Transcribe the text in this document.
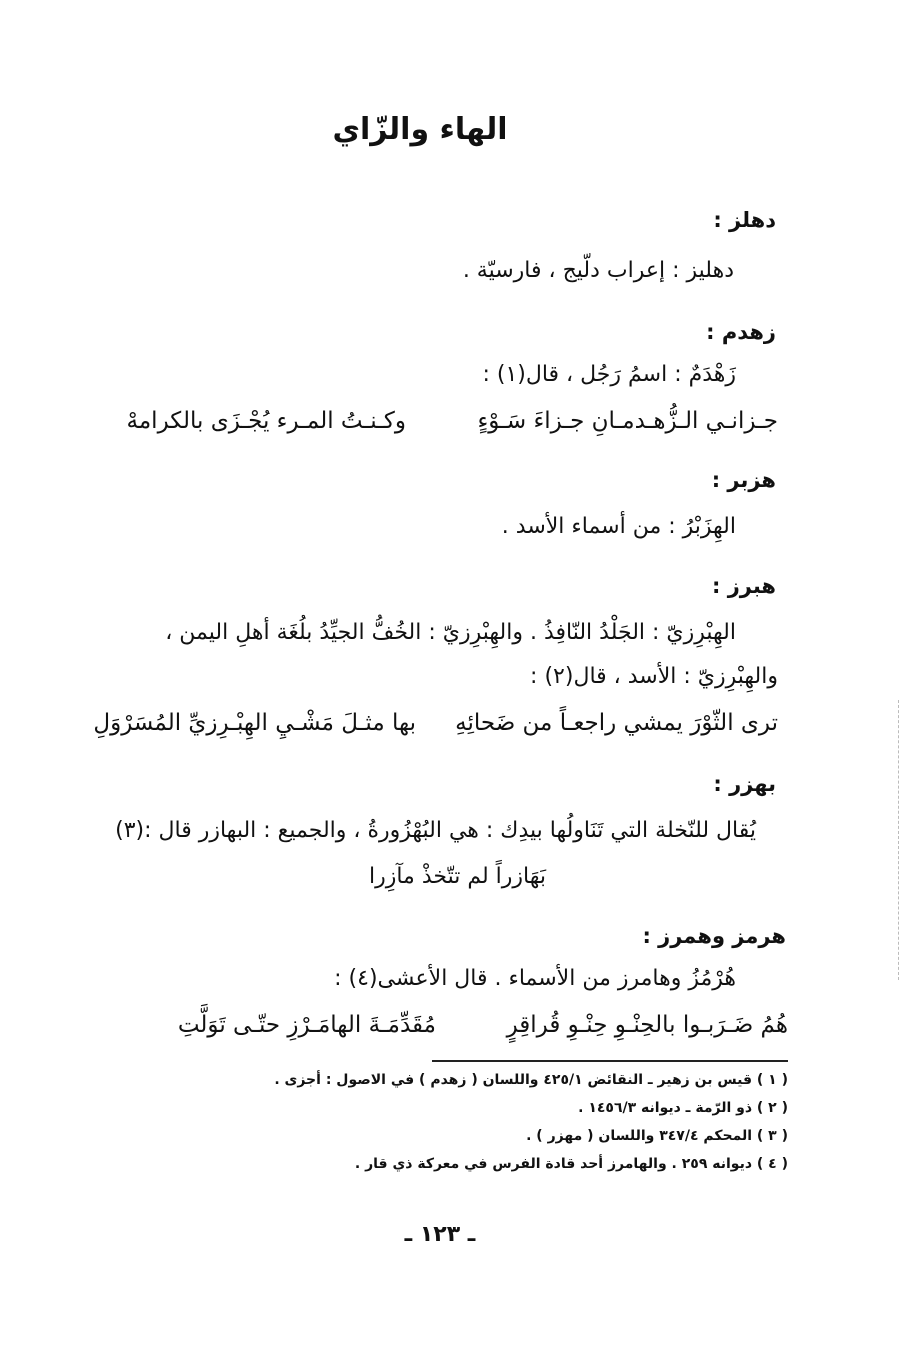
الهاء والزّاي
دهلز :
دهليز : إعراب دلّيج ، فارسيّة .
زهدم :
زَهْدَمٌ : اسمُ رَجُل ، قال(١) :
جـزانـي الـزُّهـدمـانِ جـزاءَ سَـوْءٍ
وكـنـتُ المـرء يُجْـزَى بالكرامهْ
هزبر :
الهِزَبْرُ : من أسماء الأسد .
هبرز :
الهِبْرِزيّ : الجَلْدُ النّافِذُ . والهِبْرِزيّ : الخُفُّ الجيِّدُ بلُغَة أهلِ اليمن ،
والهِبْرِزيّ : الأسد ، قال(٢) :
ترى الثّوْرَ يمشي راجعـاً من ضَحائِهِ
بها مثـلَ مَشْـيِ الهِبْـرِزيِّ المُسَرْوَلِ
بهزر :
يُقال للنّخلة التي تَنَاولُها بيدِك : هي البُهْزُورةُ ، والجميع : البهازر قال :(٣)
بَهَازراً لم تتّخذْ مآزِرا
هرمز وهمرز :
هُرْمُزُ وهامرز من الأسماء . قال الأعشى(٤) :
هُمُ ضَـرَبـوا بالحِنْـوِ حِنْـوِ قُراقِرٍ
مُقَدِّمَـةَ الهامَـرْزِ حتّـى تَوَلَّتِ
( ١ ) قيس بن زهير ـ النقائض ٤٢٥/١ واللسان ( زهدم ) في الاصول : أجزى .
( ٢ ) ذو الرّمة ـ ديوانه ١٤٥٦/٣ .
( ٣ ) المحكم ٣٤٧/٤ واللسان ( مهزر ) .
( ٤ ) ديوانه ٢٥٩ . والهامرز أحد قادة الفرس في معركة ذي قار .
ـ ١٢٣ ـ
